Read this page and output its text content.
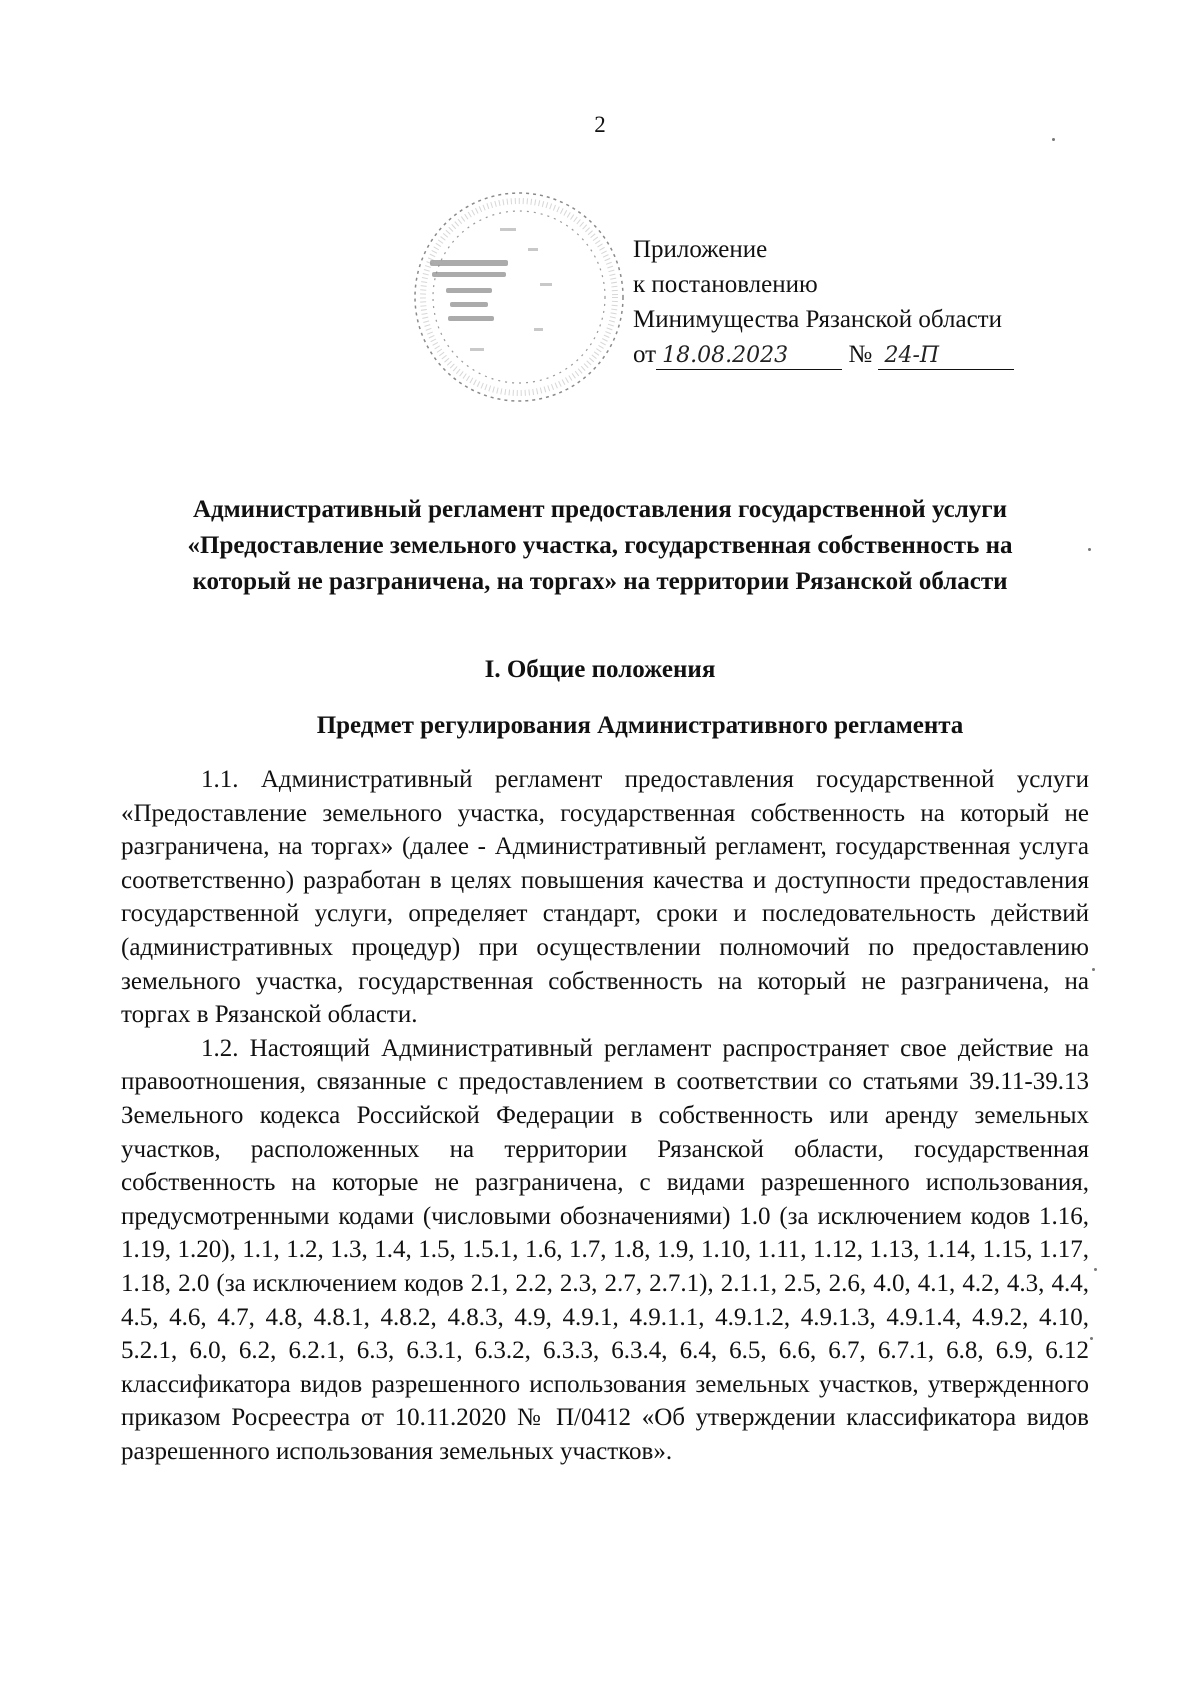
2
Приложение
к постановлению
Минимущества Рязанской области
от 18.08.2023 № 24-П
Административный регламент предоставления государственной услуги
«Предоставление земельного участка, государственная собственность на
который не разграничена, на торгах» на территории Рязанской области
I. Общие положения
Предмет регулирования Административного регламента

1.1. Административный регламент предоставления государственной услуги «Предоставление земельного участка, государственная собственность на который не разграничена, на торгах» (далее - Административный регламент, государственная услуга соответственно) разработан в целях повышения качества и доступности предоставления государственной услуги, определяет стандарт, сроки и последовательность действий (административных процедур) при осуществлении полномочий по предоставлению земельного участка, государственная собственность на который не разграничена, на торгах в Рязанской области.

1.2. Настоящий Административный регламент распространяет свое действие на правоотношения, связанные с предоставлением в соответствии со статьями 39.11-39.13 Земельного кодекса Российской Федерации в собственность или аренду земельных участков, расположенных на территории Рязанской области, государственная собственность на которые не разграничена, с видами разрешенного использования, предусмотренными кодами (числовыми обозначениями) 1.0 (за исключением кодов 1.16, 1.19, 1.20), 1.1, 1.2, 1.3, 1.4, 1.5, 1.5.1, 1.6, 1.7, 1.8, 1.9, 1.10, 1.11, 1.12, 1.13, 1.14, 1.15, 1.17, 1.18, 2.0 (за исключением кодов 2.1, 2.2, 2.3, 2.7, 2.7.1), 2.1.1, 2.5, 2.6, 4.0, 4.1, 4.2, 4.3, 4.4, 4.5, 4.6, 4.7, 4.8, 4.8.1, 4.8.2, 4.8.3, 4.9, 4.9.1, 4.9.1.1, 4.9.1.2, 4.9.1.3, 4.9.1.4, 4.9.2, 4.10, 5.2.1, 6.0, 6.2, 6.2.1, 6.3, 6.3.1, 6.3.2, 6.3.3, 6.3.4, 6.4, 6.5, 6.6, 6.7, 6.7.1, 6.8, 6.9, 6.12 классификатора видов разрешенного использования земельных участков, утвержденного приказом Росреестра от 10.11.2020 № П/0412 «Об утверждении классификатора видов разрешенного использования земельных участков».
